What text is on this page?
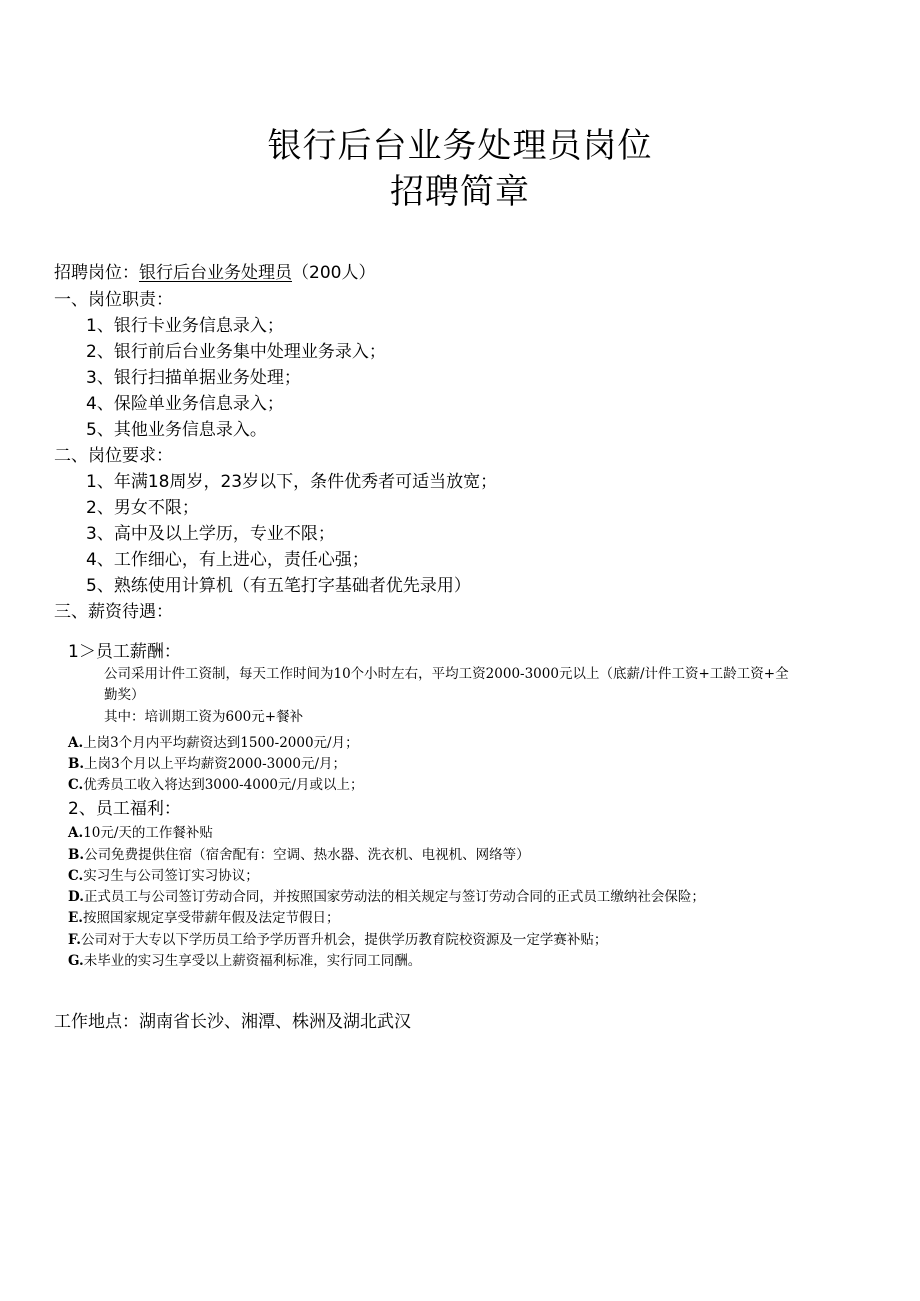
银行后台业务处理员岗位
招聘简章
招聘岗位：银行后台业务处理员（200人）
一、岗位职责：
1、银行卡业务信息录入；
2、银行前后台业务集中处理业务录入；
3、银行扫描单据业务处理；
4、保险单业务信息录入；
5、其他业务信息录入。
二、岗位要求：
1、年满18周岁，23岁以下，条件优秀者可适当放宽；
2、男女不限；
3、高中及以上学历，专业不限；
4、工作细心，有上进心，责任心强；
5、熟练使用计算机（有五笔打字基础者优先录用）
三、薪资待遇：
1＞员工薪酬：
公司采用计件工资制，每天工作时间为10个小时左右，平均工资2000-3000元以上（底薪/计件工资+工龄工资+全
勤奖）
其中：培训期工资为600元+餐补
A.上岗3个月内平均薪资达到1500-2000元/月；
B.上岗3个月以上平均薪资2000-3000元/月；
C.优秀员工收入将达到3000-4000元/月或以上；
2、员工福利：
A.10元/天的工作餐补贴
B.公司免费提供住宿（宿舍配有：空调、热水器、洗衣机、电视机、网络等）
C.实习生与公司签订实习协议；
D.正式员工与公司签订劳动合同，并按照国家劳动法的相关规定与签订劳动合同的正式员工缴纳社会保险；
E.按照国家规定享受带薪年假及法定节假日；
F.公司对于大专以下学历员工给予学历晋升机会，提供学历教育院校资源及一定学赛补贴；
G.未毕业的实习生享受以上薪资福利标准，实行同工同酬。
工作地点：湖南省长沙、湘潭、株洲及湖北武汉
